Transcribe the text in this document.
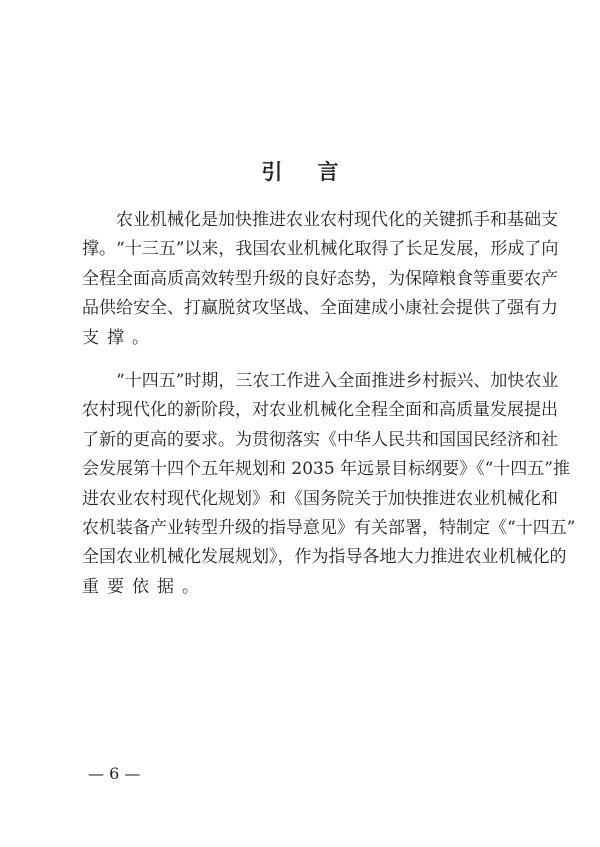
引 言
农业机械化是加快推进农业农村现代化的关键抓手和基础支
撑。“十三五”以来，我国农业机械化取得了长足发展，形成了向
全程全面高质高效转型升级的良好态势，为保障粮食等重要农产
品供给安全、打赢脱贫攻坚战、全面建成小康社会提供了强有力
支撑。
“十四五”时期，三农工作进入全面推进乡村振兴、加快农业
农村现代化的新阶段，对农业机械化全程全面和高质量发展提出
了新的更高的要求。为贯彻落实《中华人民共和国国民经济和社
会发展第十四个五年规划和 2035 年远景目标纲要》《“十四五”推
进农业农村现代化规划》和《国务院关于加快推进农业机械化和
农机装备产业转型升级的指导意见》有关部署，特制定《“十四五”
全国农业机械化发展规划》，作为指导各地大力推进农业机械化的
重要依据。
— 6 —
